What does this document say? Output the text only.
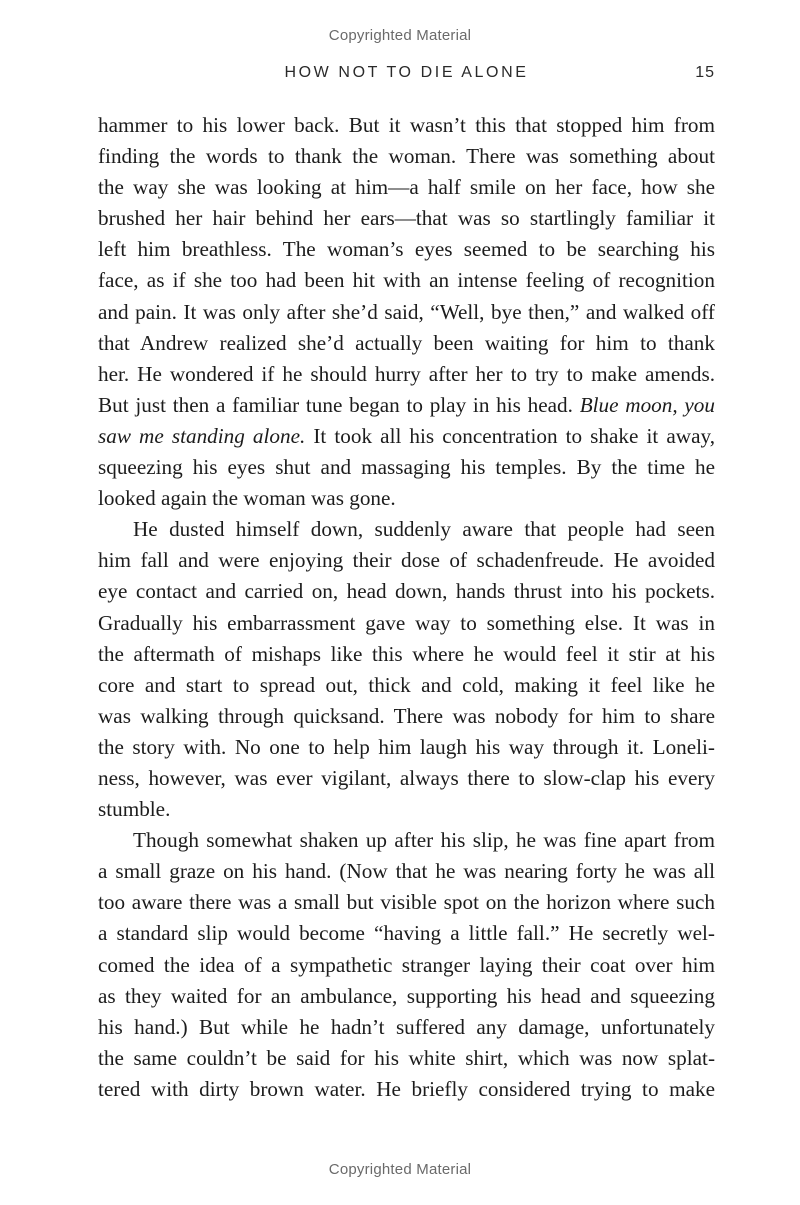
Copyrighted Material
HOW NOT TO DIE ALONE	15

hammer to his lower back. But it wasn’t this that stopped him from
finding the words to thank the woman. There was something about
the way she was looking at him—a half smile on her face, how she
brushed her hair behind her ears—that was so startlingly familiar it
left him breathless. The woman’s eyes seemed to be searching his
face, as if she too had been hit with an intense feeling of recognition
and pain. It was only after she’d said, “Well, bye then,” and walked off
that Andrew realized she’d actually been waiting for him to thank
her. He wondered if he should hurry after her to try to make amends.
But just then a familiar tune began to play in his head. Blue moon, you
saw me standing alone. It took all his concentration to shake it away,
squeezing his eyes shut and massaging his temples. By the time he
looked again the woman was gone.

He dusted himself down, suddenly aware that people had seen
him fall and were enjoying their dose of schadenfreude. He avoided
eye contact and carried on, head down, hands thrust into his pockets.
Gradually his embarrassment gave way to something else. It was in
the aftermath of mishaps like this where he would feel it stir at his
core and start to spread out, thick and cold, making it feel like he
was walking through quicksand. There was nobody for him to share
the story with. No one to help him laugh his way through it. Loneli-
ness, however, was ever vigilant, always there to slow-clap his every
stumble.

Though somewhat shaken up after his slip, he was fine apart from
a small graze on his hand. (Now that he was nearing forty he was all
too aware there was a small but visible spot on the horizon where such
a standard slip would become “having a little fall.” He secretly wel-
comed the idea of a sympathetic stranger laying their coat over him
as they waited for an ambulance, supporting his head and squeezing
his hand.) But while he hadn’t suffered any damage, unfortunately
the same couldn’t be said for his white shirt, which was now splat-
tered with dirty brown water. He briefly considered trying to make

Copyrighted Material
